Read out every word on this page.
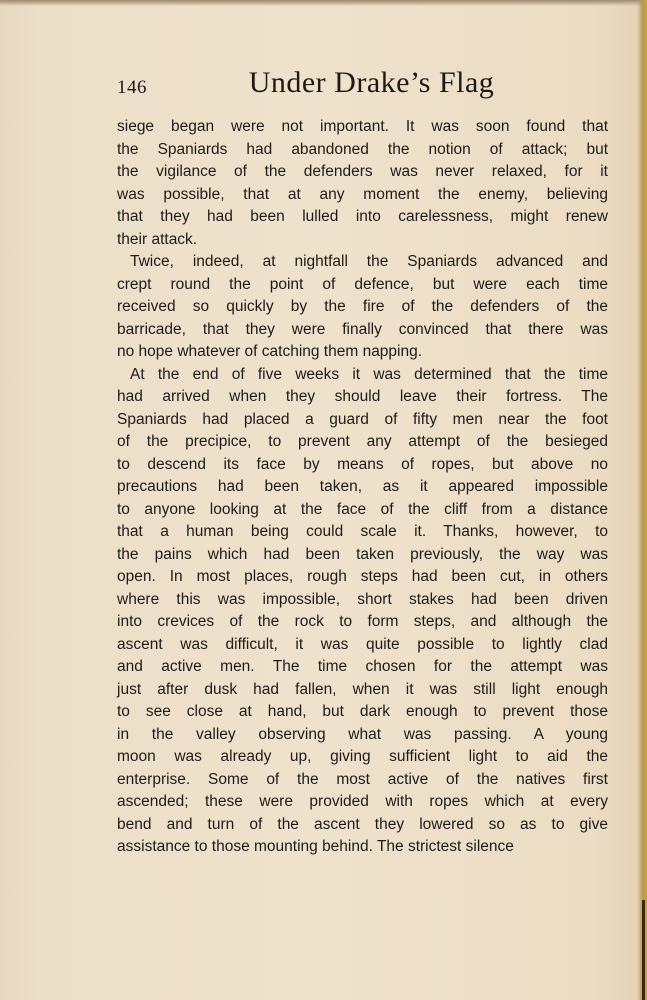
146	Under Drake’s Flag
siege began were not important. It was soon found that
the Spaniards had abandoned the notion of attack; but
the vigilance of the defenders was never relaxed, for it
was possible, that at any moment the enemy, believing
that they had been lulled into carelessness, might renew
their attack.
Twice, indeed, at nightfall the Spaniards advanced and
crept round the point of defence, but were each time
received so quickly by the fire of the defenders of the
barricade, that they were finally convinced that there was
no hope whatever of catching them napping.
At the end of five weeks it was determined that the time
had arrived when they should leave their fortress. The
Spaniards had placed a guard of fifty men near the foot
of the precipice, to prevent any attempt of the besieged
to descend its face by means of ropes, but above no
precautions had been taken, as it appeared impossible
to anyone looking at the face of the cliff from a distance
that a human being could scale it. Thanks, however, to
the pains which had been taken previously, the way was
open. In most places, rough steps had been cut, in others
where this was impossible, short stakes had been driven
into crevices of the rock to form steps, and although the
ascent was difficult, it was quite possible to lightly clad
and active men. The time chosen for the attempt was
just after dusk had fallen, when it was still light enough
to see close at hand, but dark enough to prevent those
in the valley observing what was passing. A young
moon was already up, giving sufficient light to aid the
enterprise. Some of the most active of the natives first
ascended; these were provided with ropes which at every
bend and turn of the ascent they lowered so as to give
assistance to those mounting behind. The strictest silence
